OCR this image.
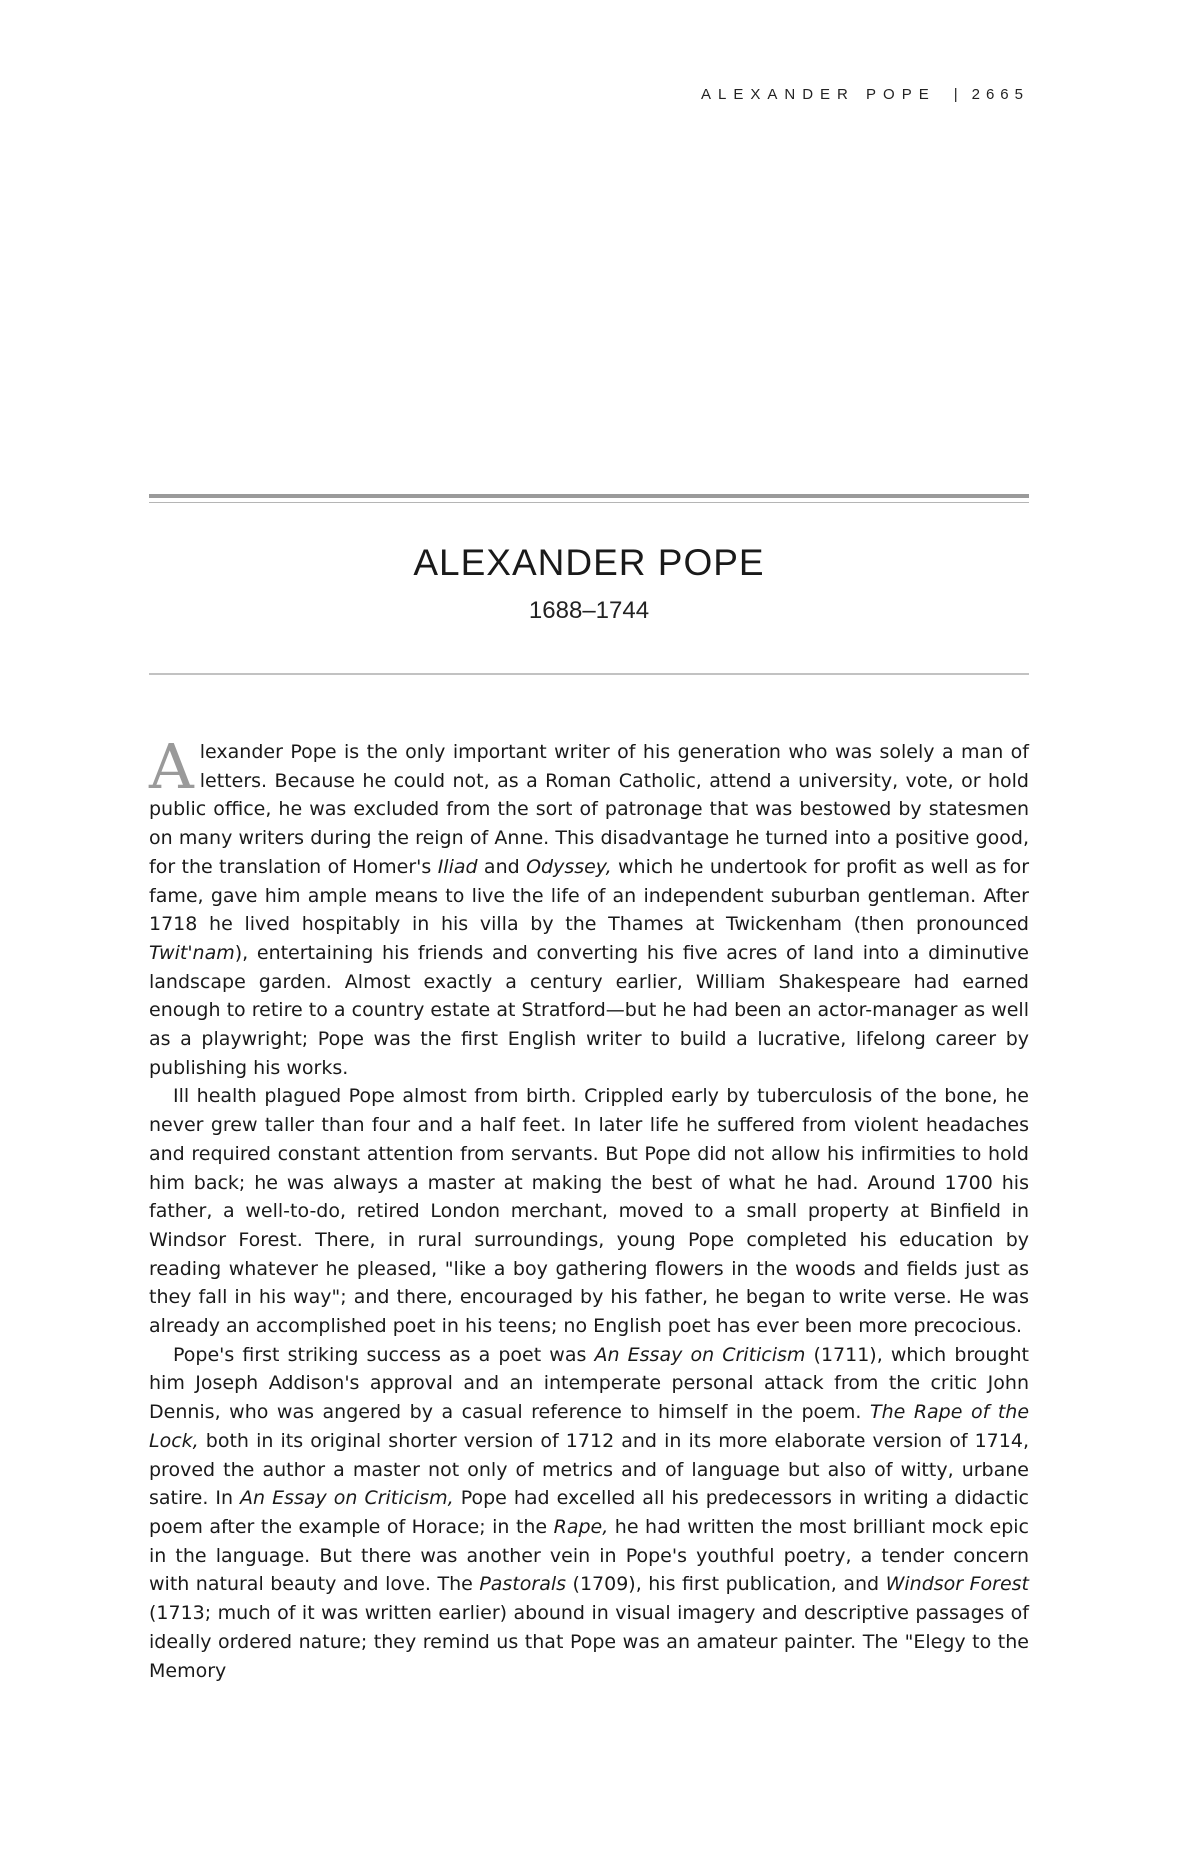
ALEXANDER POPE | 2665
ALEXANDER POPE
1688–1744

Alexander Pope is the only important writer of his generation who was solely a man of letters. Because he could not, as a Roman Catholic, attend a university, vote, or hold public office, he was excluded from the sort of patronage that was bestowed by statesmen on many writers during the reign of Anne. This disadvantage he turned into a positive good, for the translation of Homer's Iliad and Odyssey, which he undertook for profit as well as for fame, gave him ample means to live the life of an independent suburban gentleman. After 1718 he lived hospitably in his villa by the Thames at Twickenham (then pronounced Twit'nam), entertaining his friends and converting his five acres of land into a diminutive landscape garden. Almost exactly a century earlier, William Shakespeare had earned enough to retire to a country estate at Stratford—but he had been an actor-manager as well as a playwright; Pope was the first English writer to build a lucrative, lifelong career by publishing his works.

Ill health plagued Pope almost from birth. Crippled early by tuberculosis of the bone, he never grew taller than four and a half feet. In later life he suffered from violent headaches and required constant attention from servants. But Pope did not allow his infirmities to hold him back; he was always a master at making the best of what he had. Around 1700 his father, a well-to-do, retired London merchant, moved to a small property at Binfield in Windsor Forest. There, in rural surroundings, young Pope completed his education by reading whatever he pleased, "like a boy gathering flowers in the woods and fields just as they fall in his way"; and there, encouraged by his father, he began to write verse. He was already an accomplished poet in his teens; no English poet has ever been more precocious.

Pope's first striking success as a poet was An Essay on Criticism (1711), which brought him Joseph Addison's approval and an intemperate personal attack from the critic John Dennis, who was angered by a casual reference to himself in the poem. The Rape of the Lock, both in its original shorter version of 1712 and in its more elaborate version of 1714, proved the author a master not only of metrics and of language but also of witty, urbane satire. In An Essay on Criticism, Pope had excelled all his predecessors in writing a didactic poem after the example of Horace; in the Rape, he had written the most brilliant mock epic in the language. But there was another vein in Pope's youthful poetry, a tender concern with natural beauty and love. The Pastorals (1709), his first publication, and Windsor Forest (1713; much of it was written earlier) abound in visual imagery and descriptive passages of ideally ordered nature; they remind us that Pope was an amateur painter. The "Elegy to the Memory
